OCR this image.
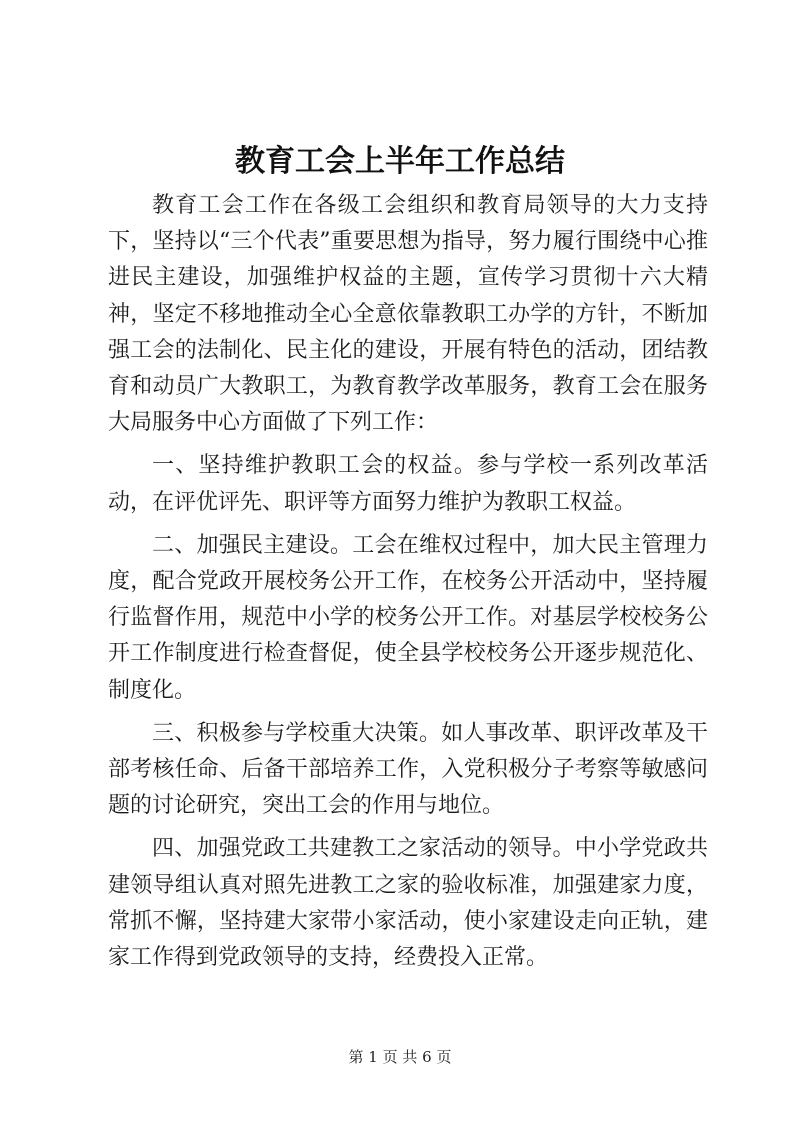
教育工会上半年工作总结

教育工会工作在各级工会组织和教育局领导的大力支持下，坚持以“三个代表”重要思想为指导，努力履行围绕中心推进民主建设，加强维护权益的主题，宣传学习贯彻十六大精神，坚定不移地推动全心全意依靠教职工办学的方针，不断加强工会的法制化、民主化的建设，开展有特色的活动，团结教育和动员广大教职工，为教育教学改革服务，教育工会在服务大局服务中心方面做了下列工作：

一、坚持维护教职工会的权益。参与学校一系列改革活动，在评优评先、职评等方面努力维护为教职工权益。

二、加强民主建设。工会在维权过程中，加大民主管理力度，配合党政开展校务公开工作，在校务公开活动中，坚持履行监督作用，规范中小学的校务公开工作。对基层学校校务公开工作制度进行检查督促，使全县学校校务公开逐步规范化、制度化。

三、积极参与学校重大决策。如人事改革、职评改革及干部考核任命、后备干部培养工作，入党积极分子考察等敏感问题的讨论研究，突出工会的作用与地位。

四、加强党政工共建教工之家活动的领导。中小学党政共建领导组认真对照先进教工之家的验收标准，加强建家力度，常抓不懈，坚持建大家带小家活动，使小家建设走向正轨，建家工作得到党政领导的支持，经费投入正常。

第 1 页 共 6 页
